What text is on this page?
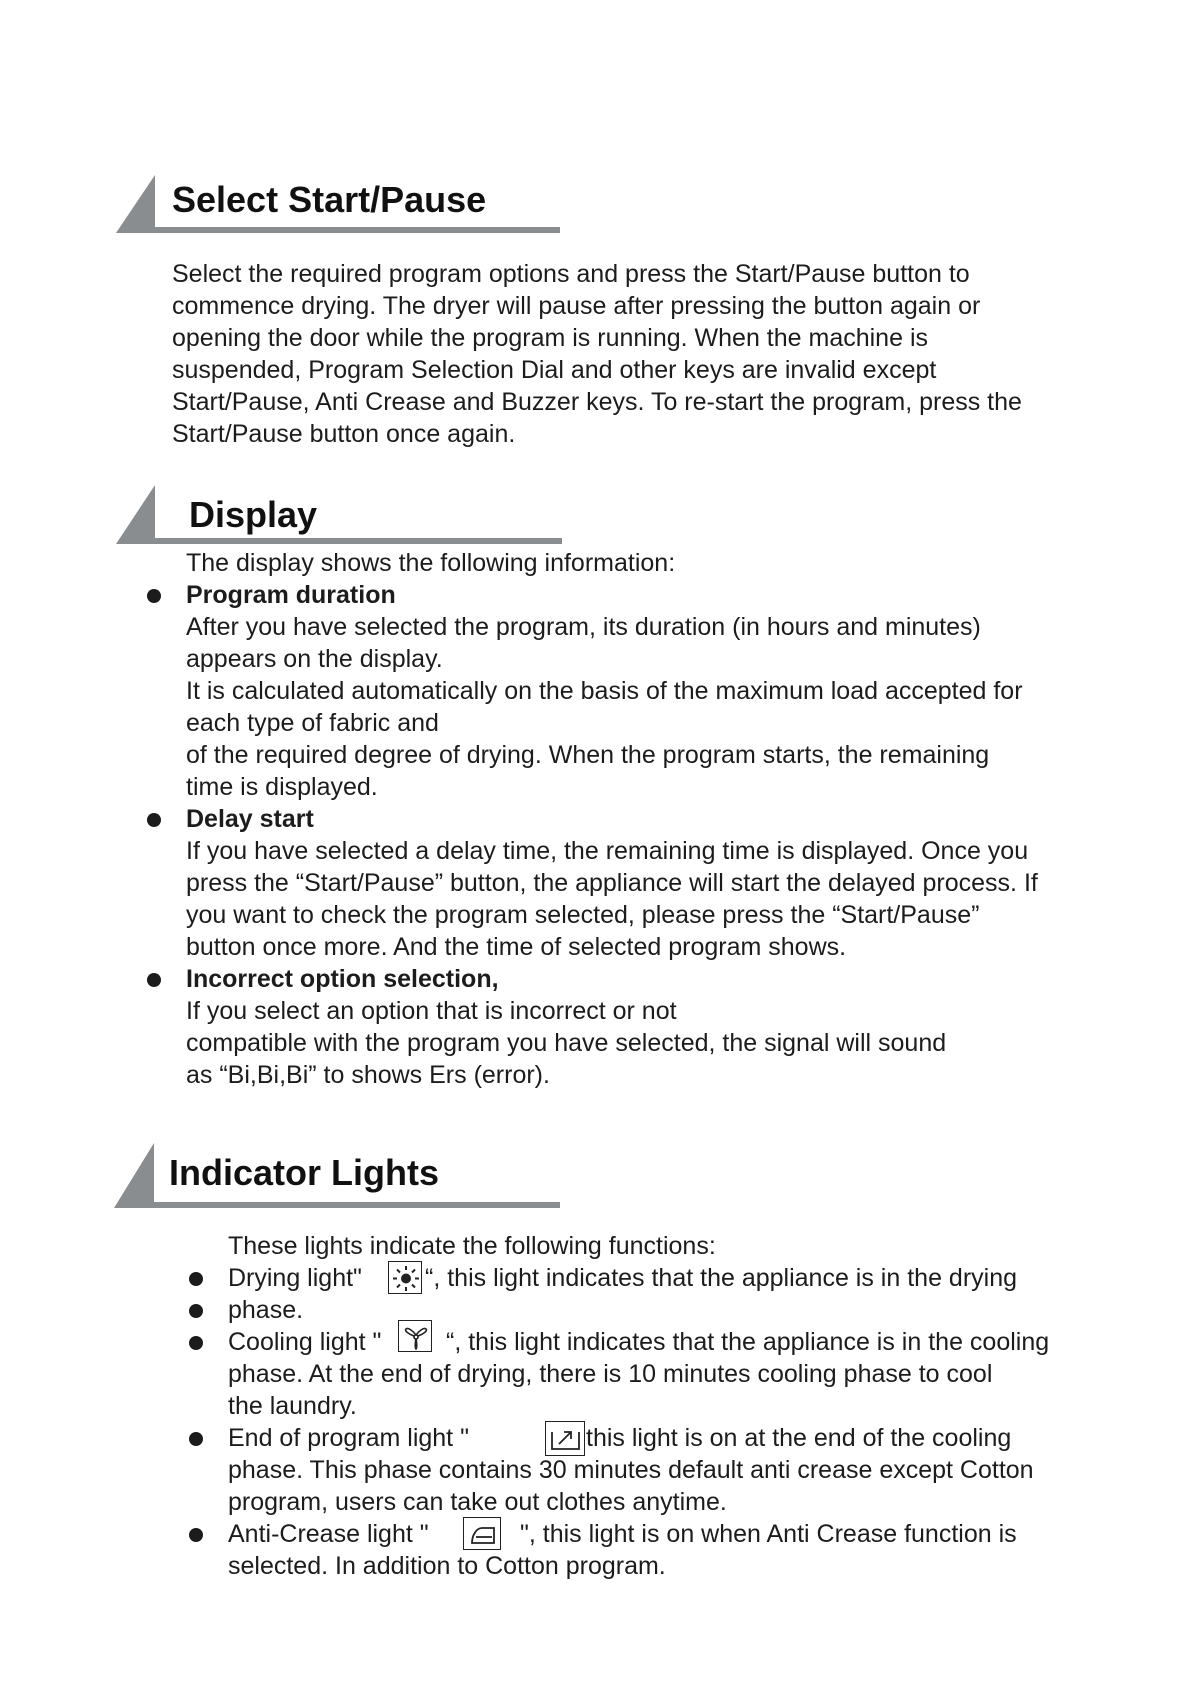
Select Start/Pause

Select the required program options and press the Start/Pause button to

commence drying. The dryer will pause after pressing the button again or

opening the door while the program is running. When the machine is

suspended, Program Selection Dial and other keys are invalid except

Start/Pause, Anti Crease and Buzzer keys. To re-start the program, press the

Start/Pause button once again.

Display

The display shows the following information:

Program duration

After you have selected the program, its duration (in hours and minutes)

appears on the display.

It is calculated automatically on the basis of the maximum load accepted for

each type of fabric and

of the required degree of drying. When the program starts, the remaining

time is displayed.

Delay start

If you have selected a delay time, the remaining time is displayed. Once you

press the “Start/Pause” button, the appliance will start the delayed process. If

you want to check the program selected, please press the “Start/Pause”

button once more. And the time of selected program shows.

Incorrect option selection,

If you select an option that is incorrect or not

compatible with the program you have selected, the signal will sound

as “Bi,Bi,Bi” to shows Ers (error).

Indicator Lights

These lights indicate the following functions:

Drying light"	“, this light indicates that the appliance is in the drying
phase.
Cooling light "	“, this light indicates that the appliance is in the cooling
phase. At the end of drying, there is 10 minutes cooling phase to cool
the laundry.
End of program light "	this light is on at the end of the cooling
phase. This phase contains 30 minutes default anti crease except Cotton
program, users can take out clothes anytime.
Anti-Crease light "	", this light is on when Anti Crease function is
selected. In addition to Cotton program.
